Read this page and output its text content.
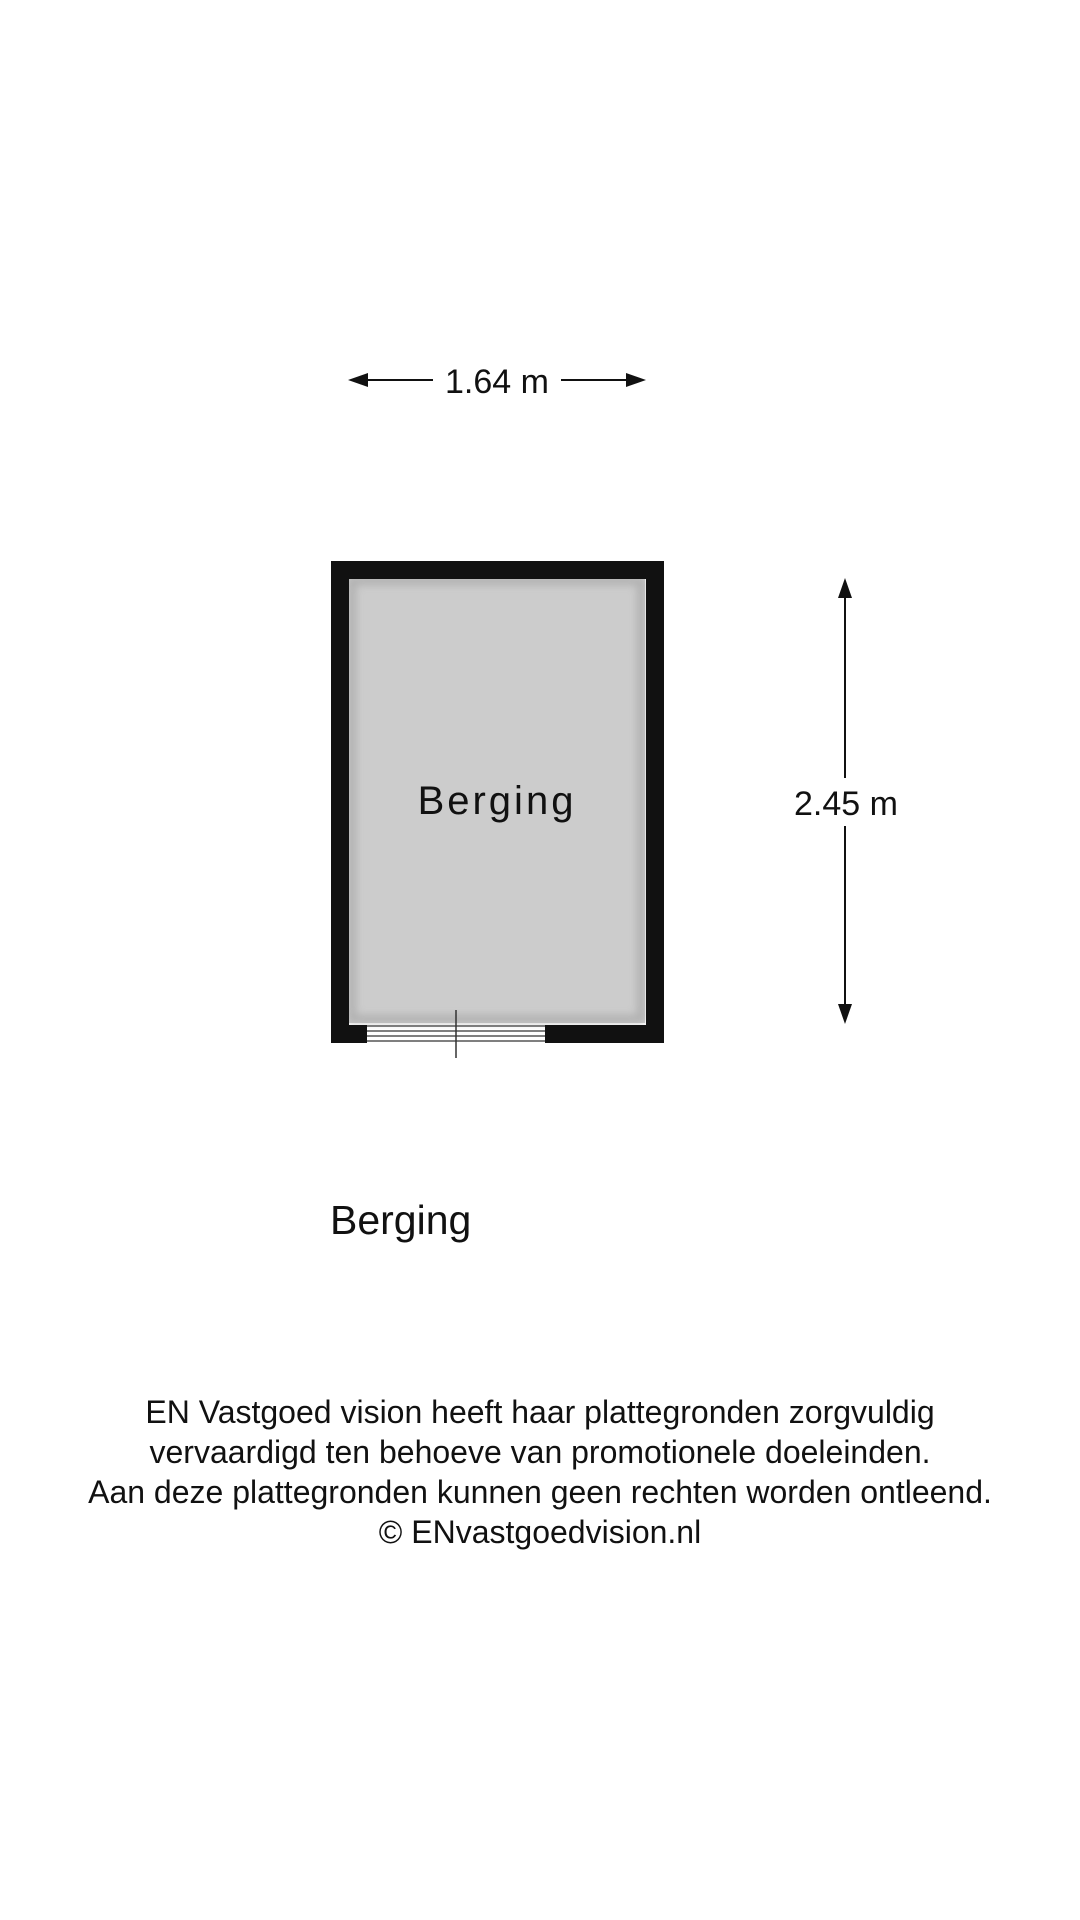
1.64 m
2.45 m
Berging
Berging
EN Vastgoed vision heeft haar plattegronden zorgvuldig
vervaardigd ten behoeve van promotionele doeleinden.
Aan deze plattegronden kunnen geen rechten worden ontleend.
© ENvastgoedvision.nl
